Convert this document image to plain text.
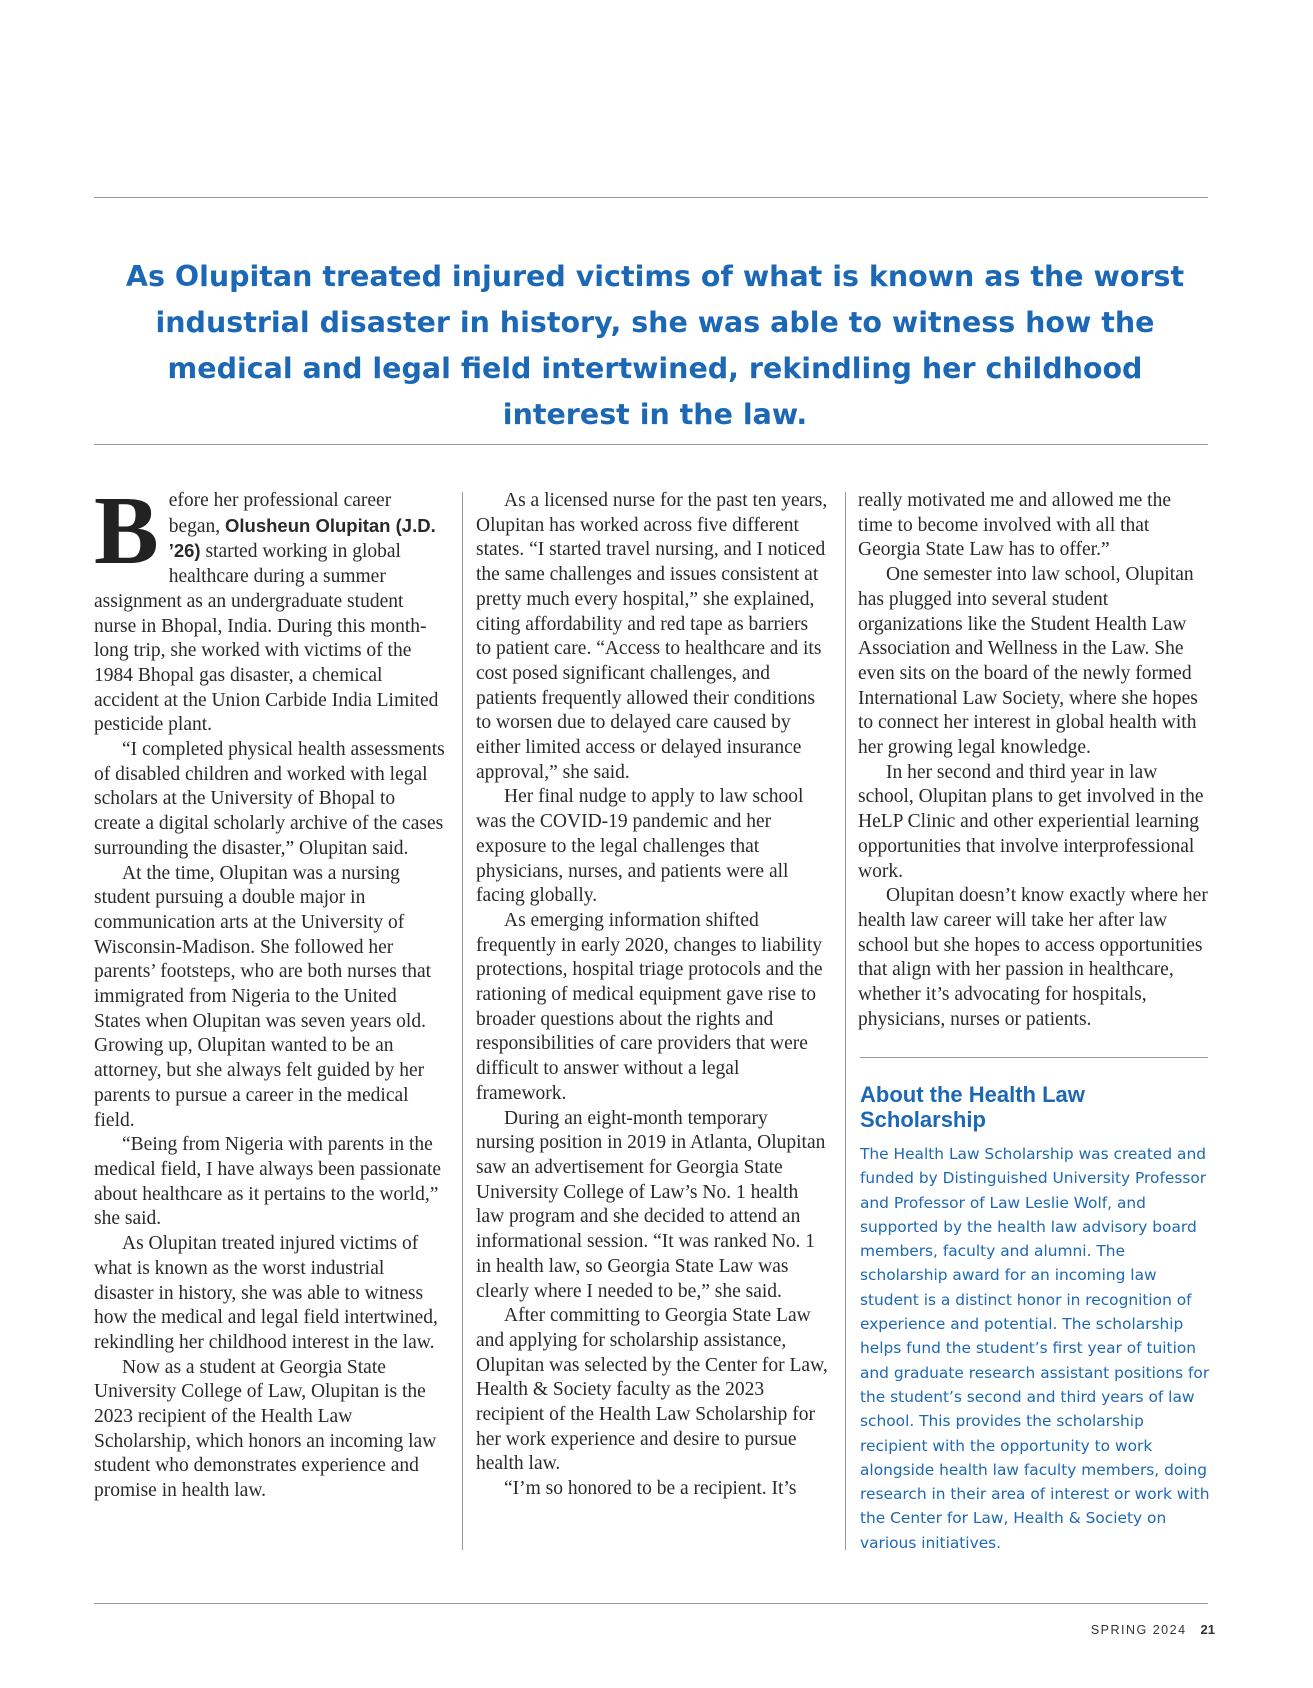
As Olupitan treated injured victims of what is known as the worst industrial disaster in history, she was able to witness how the medical and legal field intertwined, rekindling her childhood interest in the law.

Before her professional career began, Olusheun Olupitan (J.D. ’26) started working in global healthcare during a summer assignment as an undergraduate student nurse in Bhopal, India. During this month-long trip, she worked with victims of the 1984 Bhopal gas disaster, a chemical accident at the Union Carbide India Limited pesticide plant.

“I completed physical health assessments of disabled children and worked with legal scholars at the University of Bhopal to create a digital scholarly archive of the cases surrounding the disaster,” Olupitan said.

At the time, Olupitan was a nursing student pursuing a double major in communication arts at the University of Wisconsin-Madison. She followed her parents’ footsteps, who are both nurses that immigrated from Nigeria to the United States when Olupitan was seven years old. Growing up, Olupitan wanted to be an attorney, but she always felt guided by her parents to pursue a career in the medical field.

“Being from Nigeria with parents in the medical field, I have always been passionate about healthcare as it pertains to the world,” she said.

As Olupitan treated injured victims of what is known as the worst industrial disaster in history, she was able to witness how the medical and legal field intertwined, rekindling her childhood interest in the law.

Now as a student at Georgia State University College of Law, Olupitan is the 2023 recipient of the Health Law Scholarship, which honors an incoming law student who demonstrates experience and promise in health law.

As a licensed nurse for the past ten years, Olupitan has worked across five different states. “I started travel nursing, and I noticed the same challenges and issues consistent at pretty much every hospital,” she explained, citing affordability and red tape as barriers to patient care. “Access to healthcare and its cost posed significant challenges, and patients frequently allowed their conditions to worsen due to delayed care caused by either limited access or delayed insurance approval,” she said.

Her final nudge to apply to law school was the COVID-19 pandemic and her exposure to the legal challenges that physicians, nurses, and patients were all facing globally.

As emerging information shifted frequently in early 2020, changes to liability protections, hospital triage protocols and the rationing of medical equipment gave rise to broader questions about the rights and responsibilities of care providers that were difficult to answer without a legal framework.

During an eight-month temporary nursing position in 2019 in Atlanta, Olupitan saw an advertisement for Georgia State University College of Law’s No. 1 health law program and she decided to attend an informational session. “It was ranked No. 1 in health law, so Georgia State Law was clearly where I needed to be,” she said.

After committing to Georgia State Law and applying for scholarship assistance, Olupitan was selected by the Center for Law, Health & Society faculty as the 2023 recipient of the Health Law Scholarship for her work experience and desire to pursue health law.

“I’m so honored to be a recipient. It’s

really motivated me and allowed me the time to become involved with all that Georgia State Law has to offer.”

One semester into law school, Olupitan has plugged into several student organizations like the Student Health Law Association and Wellness in the Law. She even sits on the board of the newly formed International Law Society, where she hopes to connect her interest in global health with her growing legal knowledge.

In her second and third year in law school, Olupitan plans to get involved in the HeLP Clinic and other experiential learning opportunities that involve interprofessional work.

Olupitan doesn’t know exactly where her health law career will take her after law school but she hopes to access opportunities that align with her passion in healthcare, whether it’s advocating for hospitals, physicians, nurses or patients.

About the Health Law Scholarship

The Health Law Scholarship was created and funded by Distinguished University Professor and Professor of Law Leslie Wolf, and supported by the health law advisory board members, faculty and alumni. The scholarship award for an incoming law student is a distinct honor in recognition of experience and potential. The scholarship helps fund the student’s first year of tuition and graduate research assistant positions for the student’s second and third years of law school. This provides the scholarship recipient with the opportunity to work alongside health law faculty members, doing research in their area of interest or work with the Center for Law, Health & Society on various initiatives.

SPRING 2024 21
